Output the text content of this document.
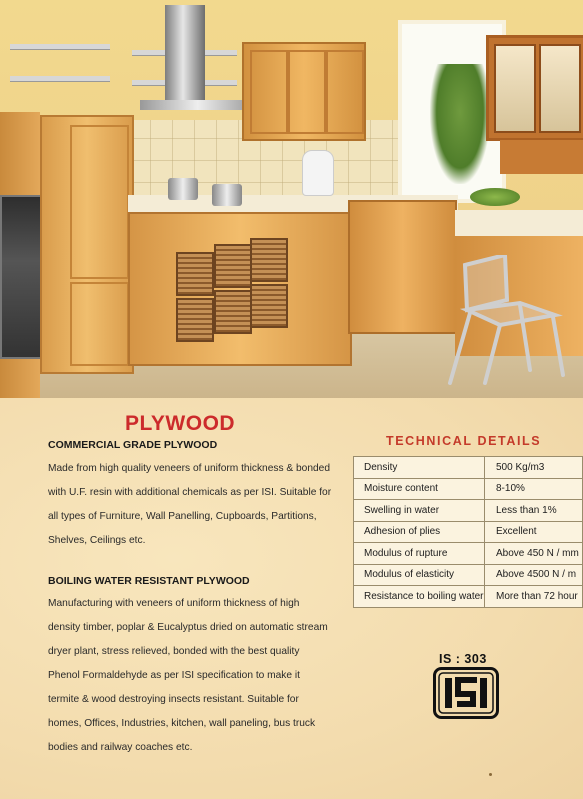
PLYWOOD
COMMERCIAL GRADE PLYWOOD

Made from high quality veneers of uniform thickness & bonded with U.F. resin with additional chemicals as per ISI. Suitable for all types of Furniture, Wall Panelling, Cupboards, Partitions, Shelves, Ceilings etc.

BOILING WATER RESISTANT PLYWOOD

Manufacturing with veneers of uniform thickness of high density timber, poplar & Eucalyptus dried on automatic stream dryer plant, stress relieved, bonded with the best quality Phenol Formaldehyde as per ISI specification to make it termite & wood destroying insects resistant. Suitable for homes, Offices, Industries, kitchen, wall paneling, bus truck bodies and railway coaches etc.

TECHNICAL DETAILS
Density	500 Kg/m3
Moisture content	8-10%
Swelling in water	Less than 1%
Adhesion of plies	Excellent
Modulus of rupture	Above 450 N / mm
Modulus of elasticity	Above 4500 N / m
Resistance to boiling water	More than 72 hour

IS : 303
